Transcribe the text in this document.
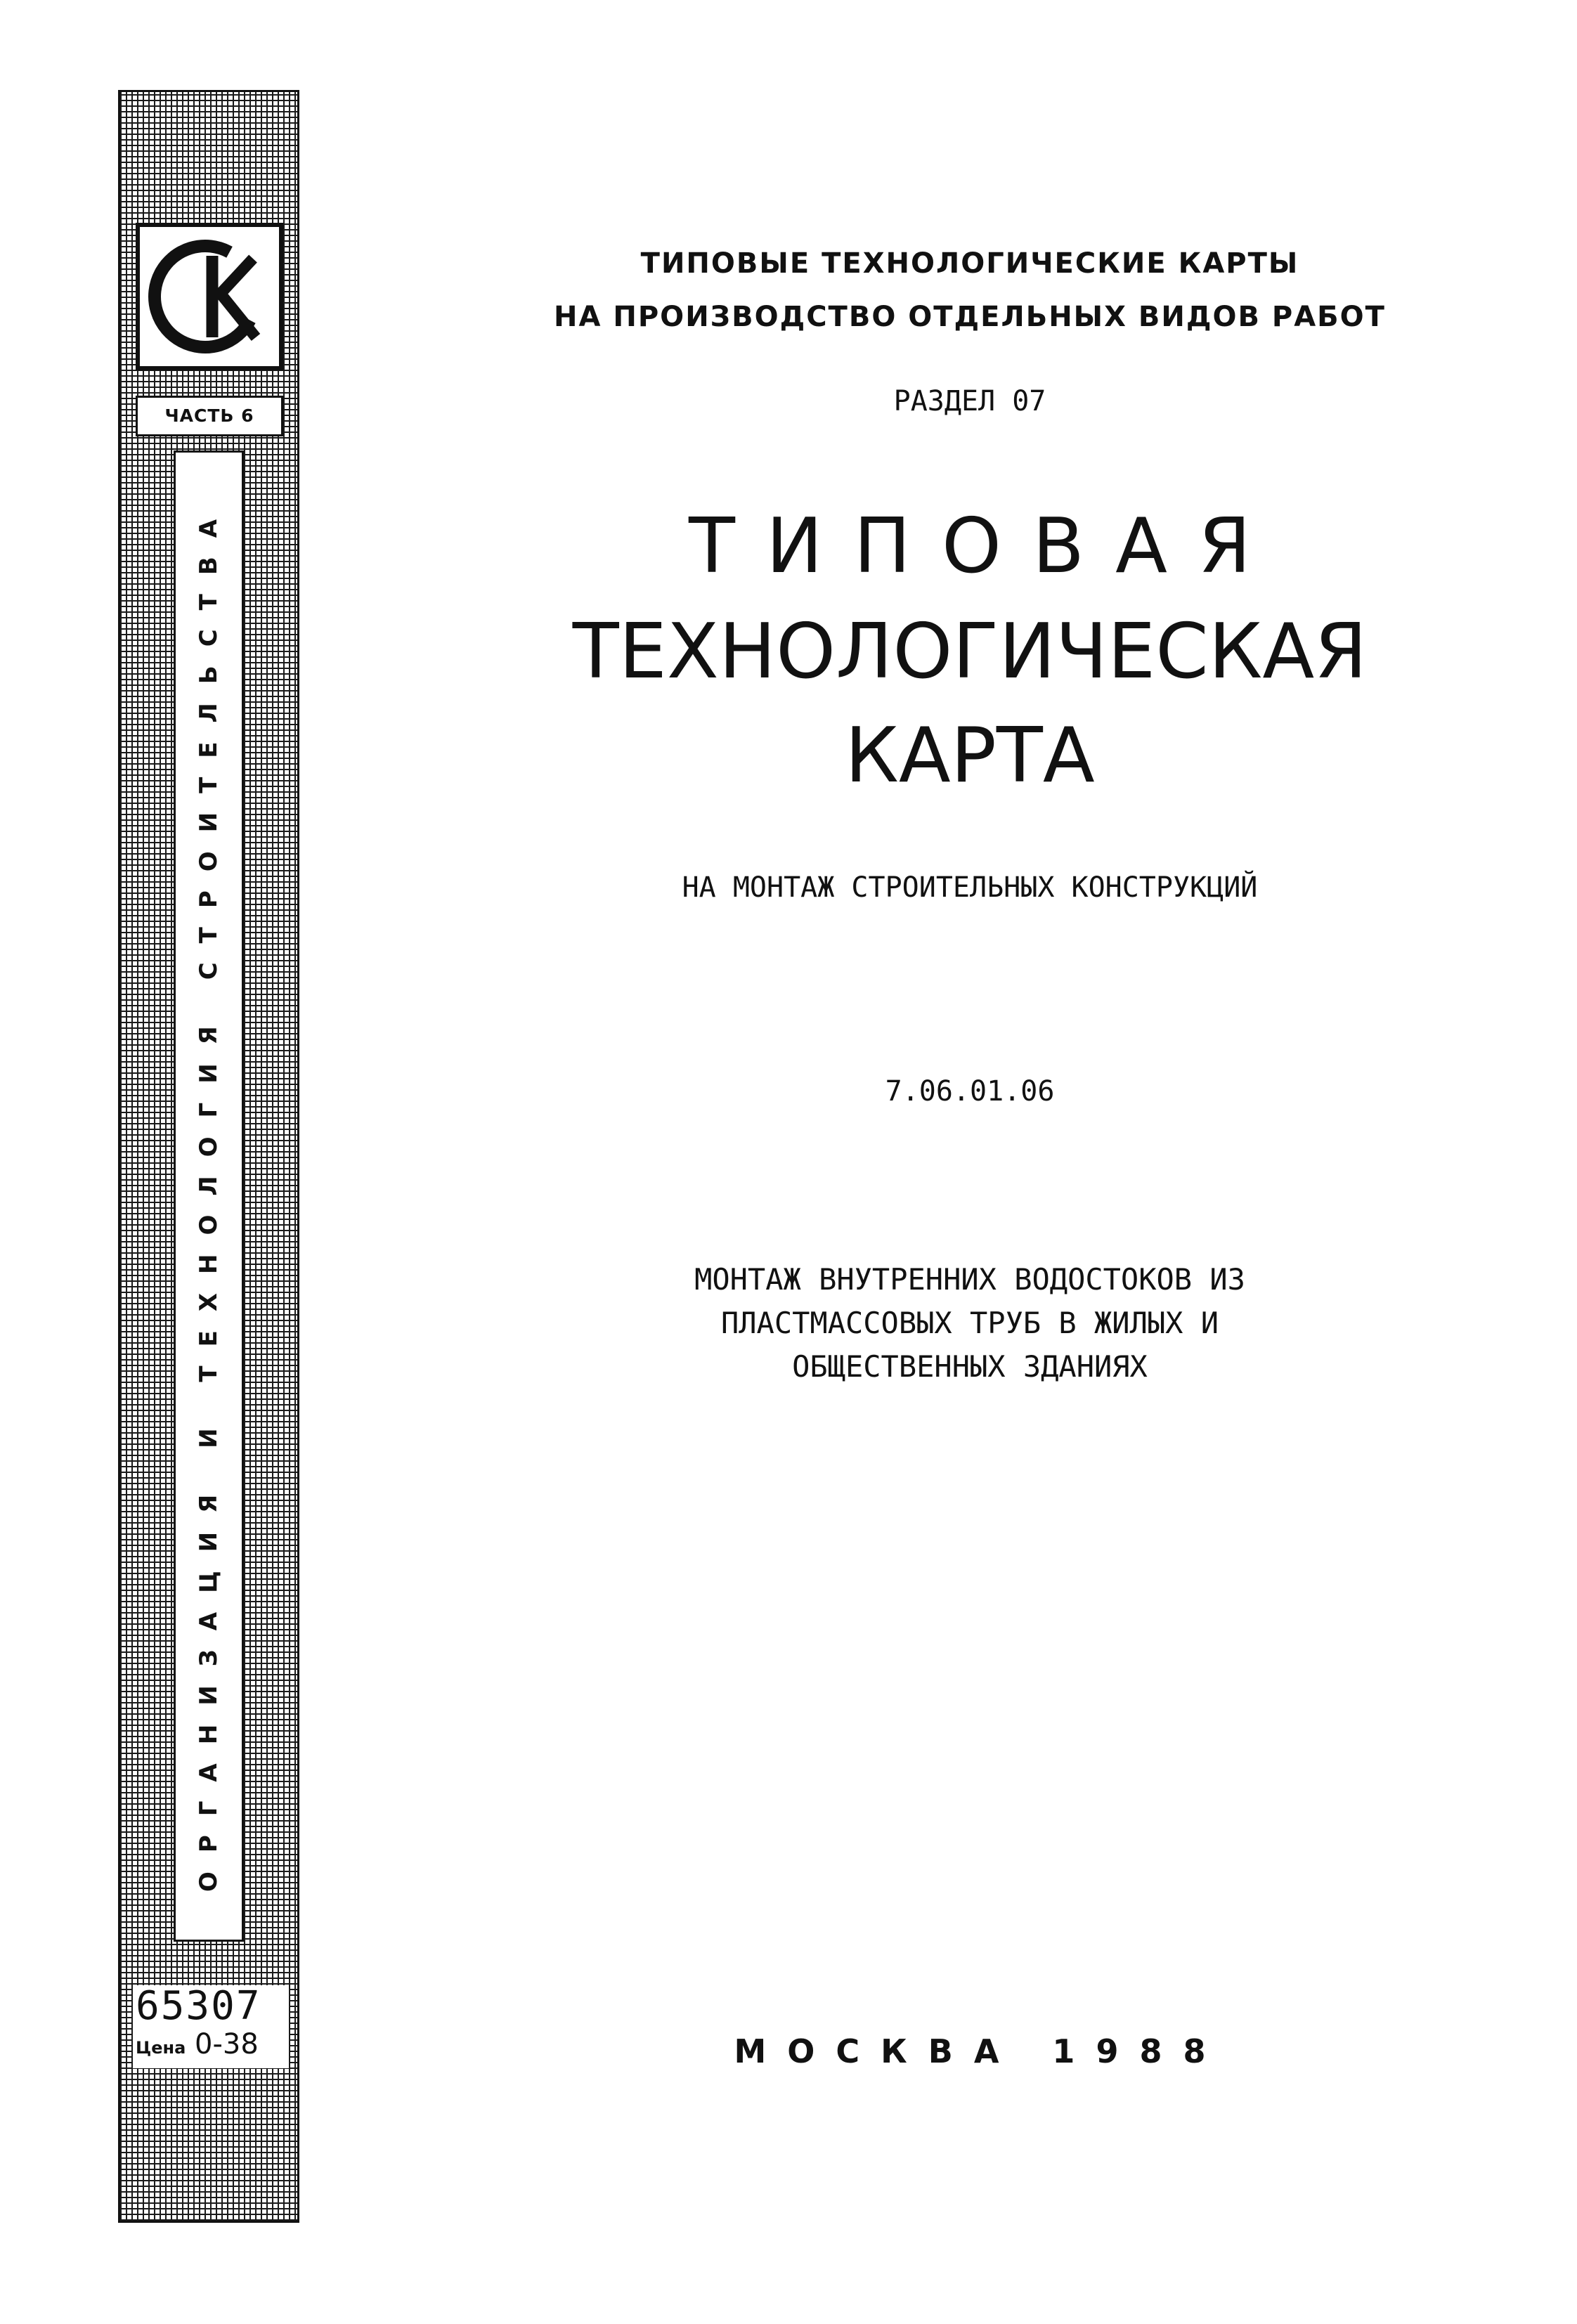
ЧАСТЬ 6
ОРГАНИЗАЦИЯ И ТЕХНОЛОГИЯ СТРОИТЕЛЬСТВА
65307
Цена 0-38
ТИПОВЫЕ ТЕХНОЛОГИЧЕСКИЕ КАРТЫ
НА ПРОИЗВОДСТВО ОТДЕЛЬНЫХ ВИДОВ РАБОТ
РАЗДЕЛ 07
ТИПОВАЯ
ТЕХНОЛОГИЧЕСКАЯ
КАРТА
НА МОНТАЖ СТРОИТЕЛЬНЫХ КОНСТРУКЦИЙ
7.06.01.06
МОНТАЖ ВНУТРЕННИХ ВОДОСТОКОВ ИЗ
ПЛАСТМАССОВЫХ ТРУБ В ЖИЛЫХ И
ОБЩЕСТВЕННЫХ ЗДАНИЯХ
МОСКВА 1988
